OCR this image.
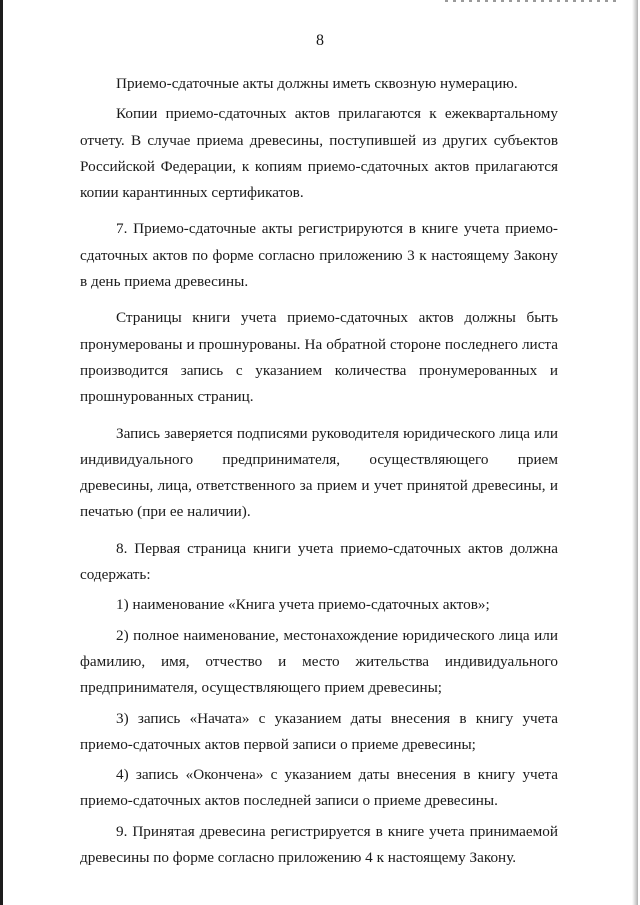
8

Приемо-сдаточные акты должны иметь сквозную нумерацию.

Копии приемо-сдаточных актов прилагаются к ежеквартальному отчету. В случае приема древесины, поступившей из других субъектов Российской Федерации, к копиям приемо-сдаточных актов прилагаются копии карантинных сертификатов.

7. Приемо-сдаточные акты регистрируются в книге учета приемо-сдаточных актов по форме согласно приложению 3 к настоящему Закону в день приема древесины.

Страницы книги учета приемо-сдаточных актов должны быть пронумерованы и прошнурованы. На обратной стороне последнего листа производится запись с указанием количества пронумерованных и прошнурованных страниц.

Запись заверяется подписями руководителя юридического лица или индивидуального предпринимателя, осуществляющего прием древесины, лица, ответственного за прием и учет принятой древесины, и печатью (при ее наличии).

8. Первая страница книги учета приемо-сдаточных актов должна содержать:

1) наименование «Книга учета приемо-сдаточных актов»;

2) полное наименование, местонахождение юридического лица или фамилию, имя, отчество и место жительства индивидуального предпринимателя, осуществляющего прием древесины;

3) запись «Начата» с указанием даты внесения в книгу учета приемо-сдаточных актов первой записи о приеме древесины;

4) запись «Окончена» с указанием даты внесения в книгу учета приемо-сдаточных актов последней записи о приеме древесины.

9. Принятая древесина регистрируется в книге учета принимаемой древесины по форме согласно приложению 4 к настоящему Закону.
